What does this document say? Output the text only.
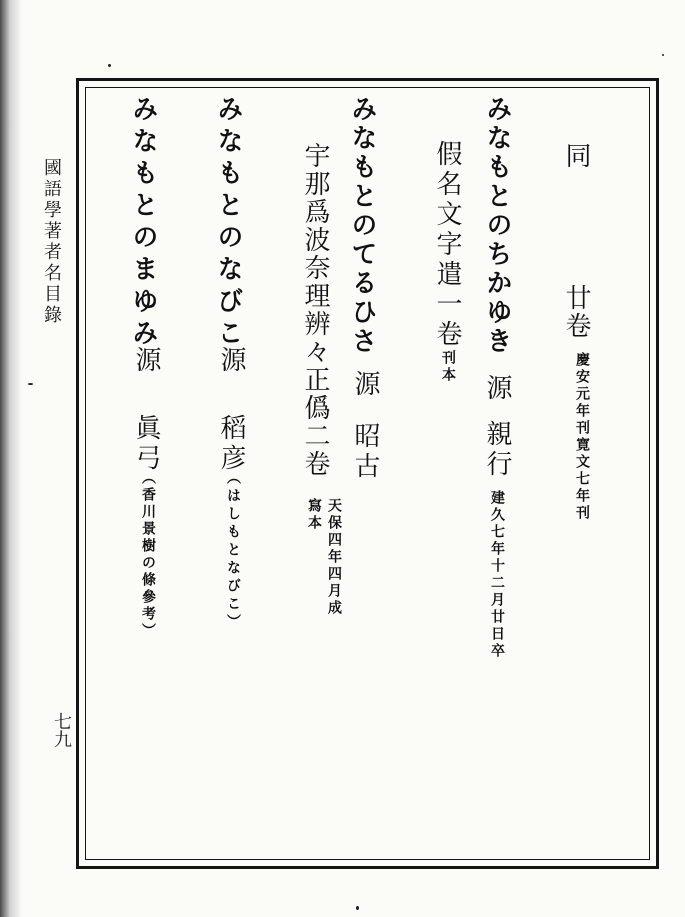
國語學著者名目錄
七九
同
廿卷
慶安元年刊寛文七年刊
みなもとのちかゆき
源
親行
建久七年十二月廿日卒
假名文字遣一卷
刊本
みなもとのてるひさ
源
昭古
宇那爲波奈理辨々正僞二卷
天保四年四月成
寫本
みなもとのなびこ
源
稻彦
（はしもとなびこ）
みなもとのまゆみ
源
眞弓
（香川景樹の條參考）
